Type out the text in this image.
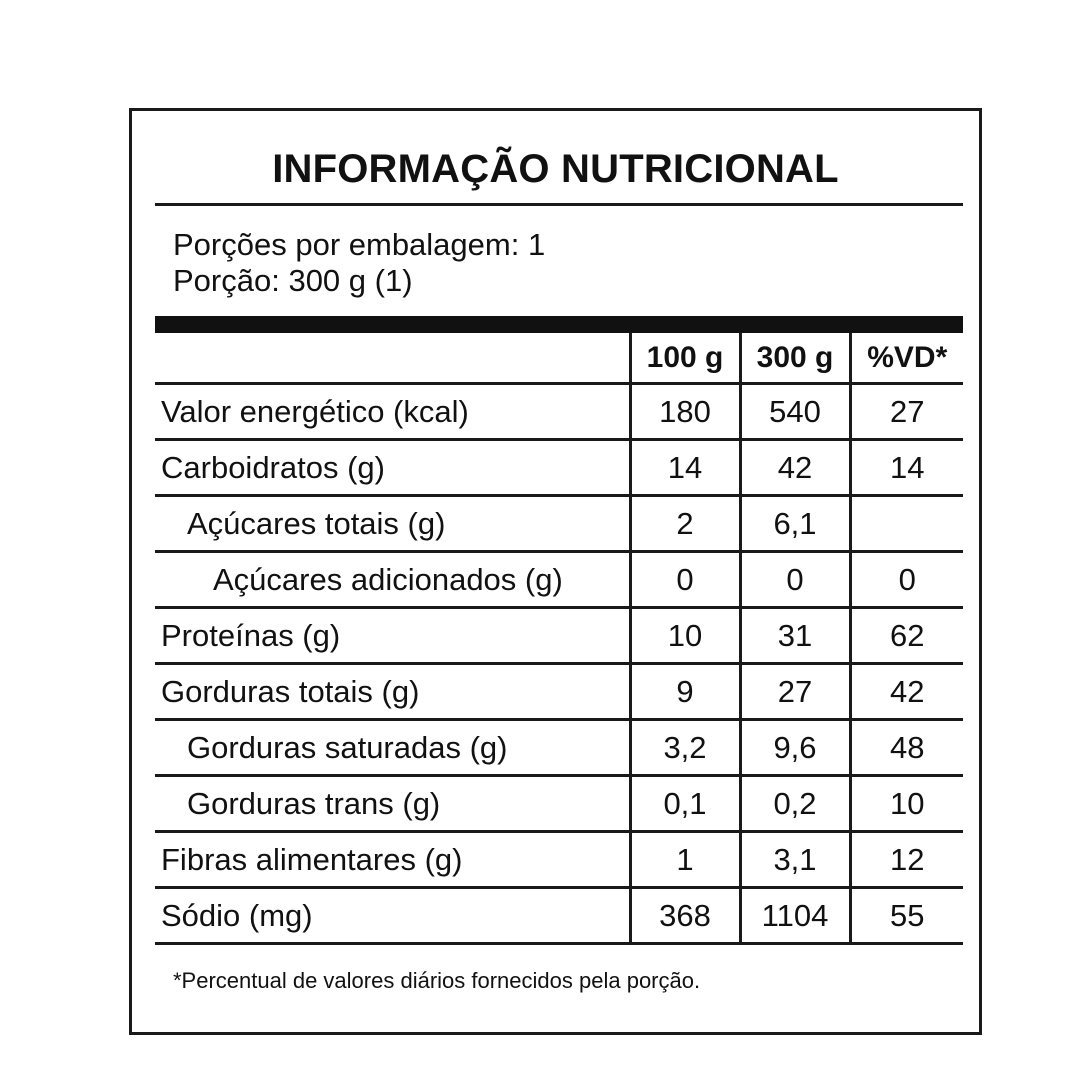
INFORMAÇÃO NUTRICIONAL
Porções por embalagem: 1
Porção: 300 g (1)
	100 g	300 g	%VD*
Valor energético (kcal)	180	540	27
Carboidratos (g)	14	42	14
Açúcares totais (g)	2	6,1	
Açúcares adicionados (g)	0	0	0
Proteínas (g)	10	31	62
Gorduras totais (g)	9	27	42
Gorduras saturadas (g)	3,2	9,6	48
Gorduras trans (g)	0,1	0,2	10
Fibras alimentares (g)	1	3,1	12
Sódio (mg)	368	1104	55
*Percentual de valores diários fornecidos pela porção.
